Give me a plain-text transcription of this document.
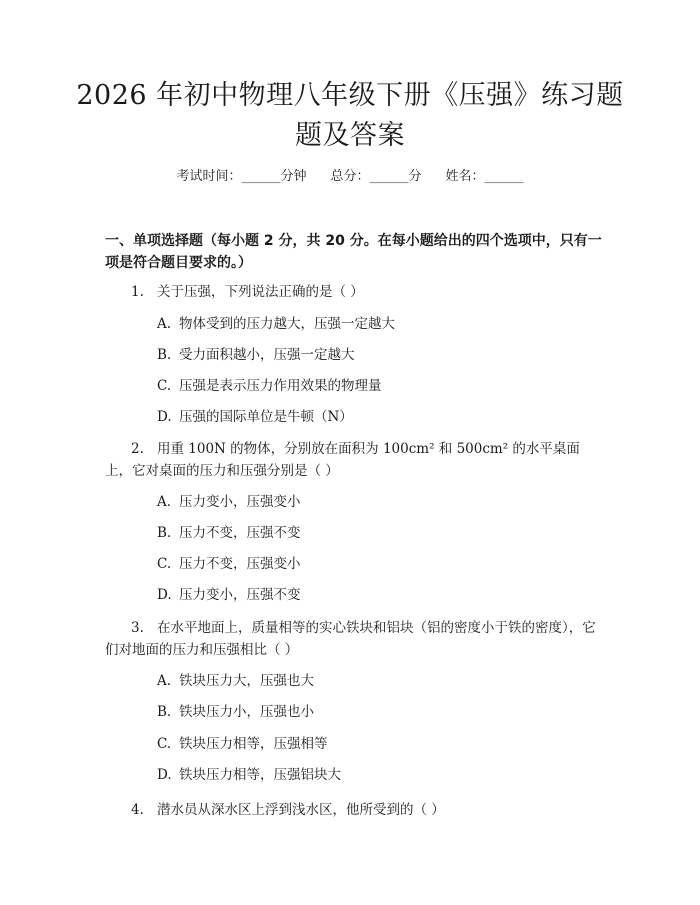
2026 年初中物理八年级下册《压强》练习题
题及答案
考试时间：______分钟 总分：______分 姓名：______
一、单项选择题（每小题 2 分，共 20 分。在每小题给出的四个选项中，只有一项是符合题目要求的。）
1. 关于压强，下列说法正确的是（ ）
A. 物体受到的压力越大，压强一定越大
B. 受力面积越小，压强一定越大
C. 压强是表示压力作用效果的物理量
D. 压强的国际单位是牛顿（N）
2. 用重 100N 的物体，分别放在面积为 100cm² 和 500cm² 的水平桌面上，它对桌面的压力和压强分别是（ ）
A. 压力变小，压强变小
B. 压力不变，压强不变
C. 压力不变，压强变小
D. 压力变小，压强不变
3. 在水平地面上，质量相等的实心铁块和铝块（铝的密度小于铁的密度），它们对地面的压力和压强相比（ ）
A. 铁块压力大，压强也大
B. 铁块压力小，压强也小
C. 铁块压力相等，压强相等
D. 铁块压力相等，压强铝块大
4. 潜水员从深水区上浮到浅水区，他所受到的（ ）
